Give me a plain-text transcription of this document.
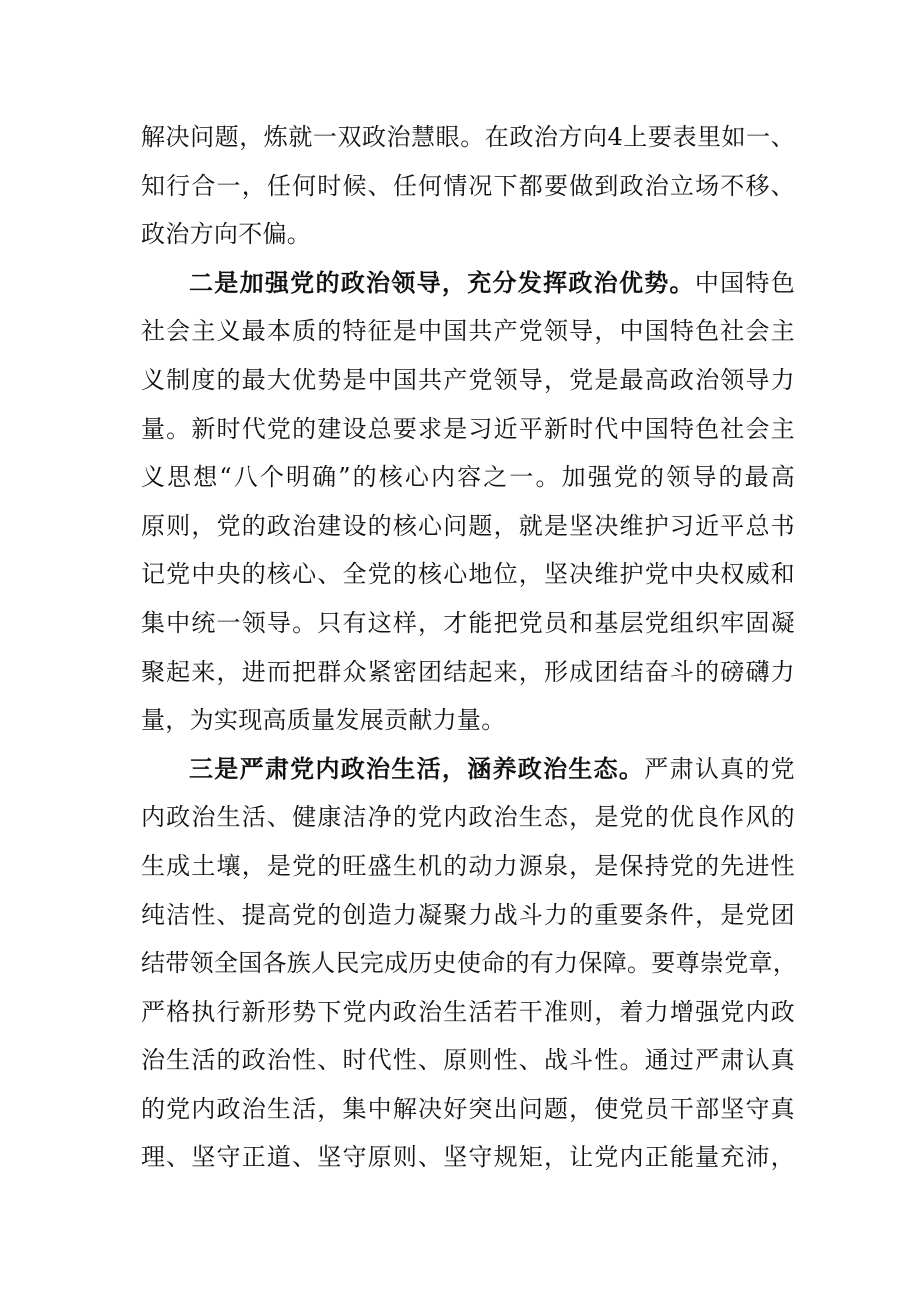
解决问题，炼就一双政治慧眼。在政治方向4上要表里如一、
知行合一，任何时候、任何情况下都要做到政治立场不移、
政治方向不偏。
二是加强党的政治领导，充分发挥政治优势。中国特色
社会主义最本质的特征是中国共产党领导，中国特色社会主
义制度的最大优势是中国共产党领导，党是最高政治领导力
量。新时代党的建设总要求是习近平新时代中国特色社会主
义思想“八个明确”的核心内容之一。加强党的领导的最高
原则，党的政治建设的核心问题，就是坚决维护习近平总书
记党中央的核心、全党的核心地位，坚决维护党中央权威和
集中统一领导。只有这样，才能把党员和基层党组织牢固凝
聚起来，进而把群众紧密团结起来，形成团结奋斗的磅礴力
量，为实现高质量发展贡献力量。
三是严肃党内政治生活，涵养政治生态。严肃认真的党
内政治生活、健康洁净的党内政治生态，是党的优良作风的
生成土壤，是党的旺盛生机的动力源泉，是保持党的先进性
纯洁性、提高党的创造力凝聚力战斗力的重要条件，是党团
结带领全国各族人民完成历史使命的有力保障。要尊崇党章，
严格执行新形势下党内政治生活若干准则，着力增强党内政
治生活的政治性、时代性、原则性、战斗性。通过严肃认真
的党内政治生活，集中解决好突出问题，使党员干部坚守真
理、坚守正道、坚守原则、坚守规矩，让党内正能量充沛，
